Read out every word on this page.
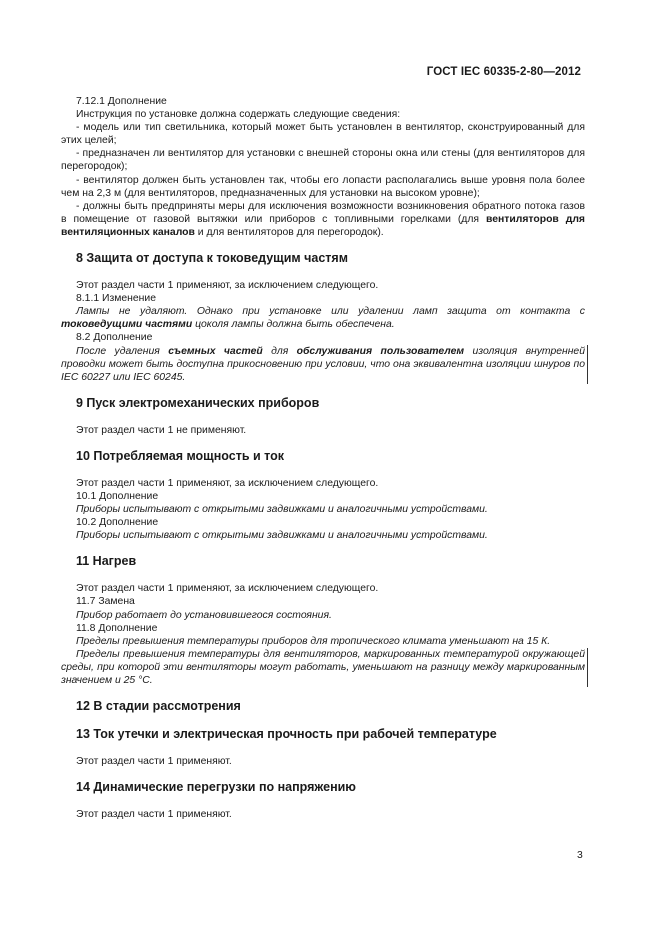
ГОСТ IEC 60335-2-80—2012

7.12.1 Дополнение

Инструкция по установке должна содержать следующие сведения:

- модель или тип светильника, который может быть установлен в вентилятор, сконструированный для этих целей;

- предназначен ли вентилятор для установки с внешней стороны окна или стены (для вентиляторов для перегородок);

- вентилятор должен быть установлен так, чтобы его лопасти располагались выше уровня пола более чем на 2,3 м (для вентиляторов, предназначенных для установки на высоком уровне);

- должны быть предприняты меры для исключения возможности возникновения обратного потока газов в помещение от газовой вытяжки или приборов с топливными горелками (для вентиляторов для вентиляционных каналов и для вентиляторов для перегородок).

8 Защита от доступа к токоведущим частям

Этот раздел части 1 применяют, за исключением следующего.

8.1.1 Изменение

Лампы не удаляют. Однако при установке или удалении ламп защита от контакта с токоведущими частями цоколя лампы должна быть обеспечена.

8.2 Дополнение

После удаления съемных частей для обслуживания пользователем изоляция внутренней проводки может быть доступна прикосновению при условии, что она эквивалентна изоляции шнуров по IEC 60227 или IEC 60245.

9 Пуск электромеханических приборов

Этот раздел части 1 не применяют.

10 Потребляемая мощность и ток

Этот раздел части 1 применяют, за исключением следующего.

10.1 Дополнение

Приборы испытывают с открытыми задвижками и аналогичными устройствами.

10.2 Дополнение

Приборы испытывают с открытыми задвижками и аналогичными устройствами.

11 Нагрев

Этот раздел части 1 применяют, за исключением следующего.

11.7 Замена

Прибор работает до установившегося состояния.

11.8 Дополнение

Пределы превышения температуры приборов для тропического климата уменьшают на 15 К.

Пределы превышения температуры для вентиляторов, маркированных температурой окружающей среды, при которой эти вентиляторы могут работать, уменьшают на разницу между маркированным значением и 25 °С.

12 В стадии рассмотрения
13 Ток утечки и электрическая прочность при рабочей температуре

Этот раздел части 1 применяют.

14 Динамические перегрузки по напряжению

Этот раздел части 1 применяют.

3
